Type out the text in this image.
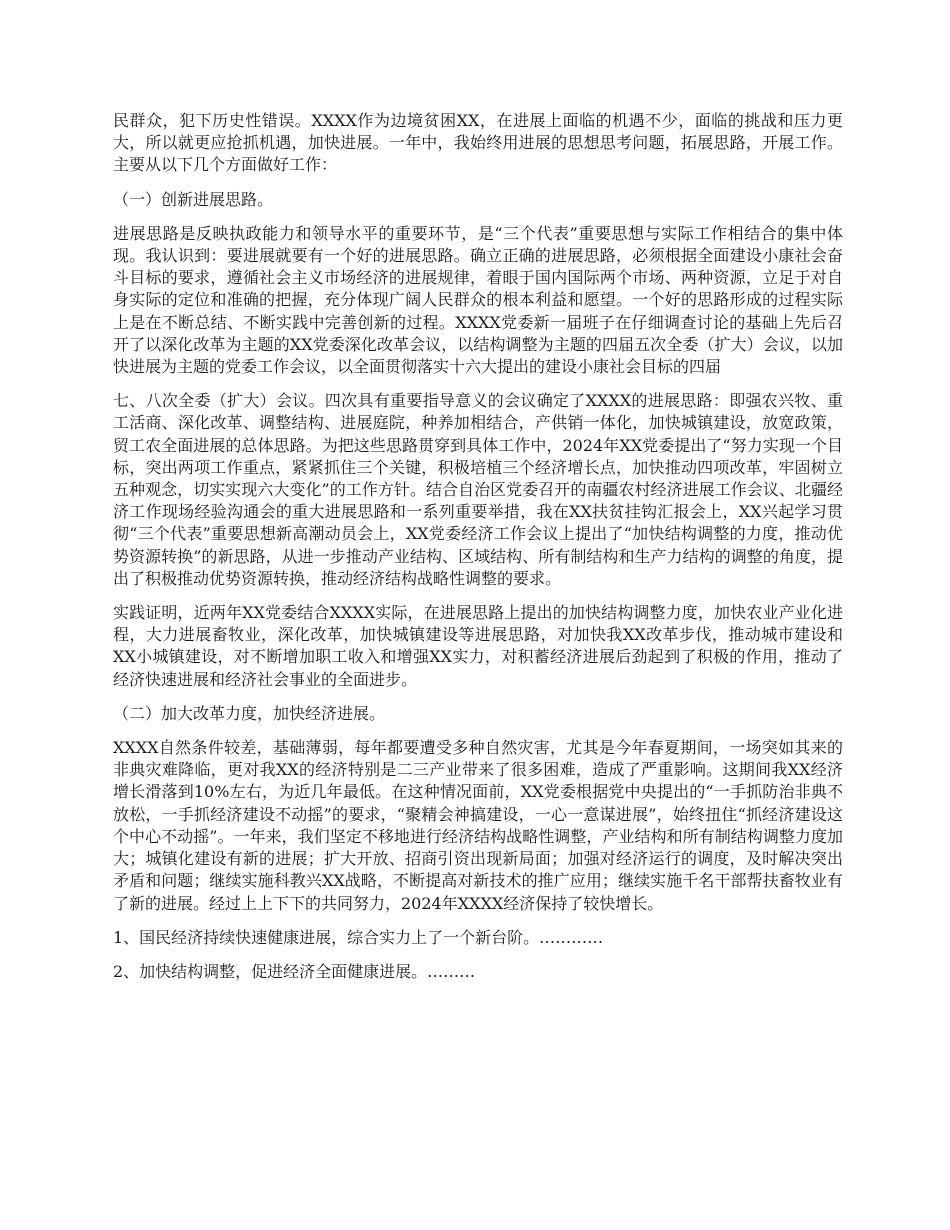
民群众，犯下历史性错误。XXXX作为边境贫困XX，在进展上面临的机遇不少，面临的挑战和压力更大，所以就更应抢抓机遇，加快进展。一年中，我始终用进展的思想思考问题，拓展思路，开展工作。主要从以下几个方面做好工作：

（一）创新进展思路。

进展思路是反映执政能力和领导水平的重要环节，是“三个代表”重要思想与实际工作相结合的集中体现。我认识到：要进展就要有一个好的进展思路。确立正确的进展思路，必须根据全面建设小康社会奋斗目标的要求，遵循社会主义市场经济的进展规律，着眼于国内国际两个市场、两种资源，立足于对自身实际的定位和准确的把握，充分体现广阔人民群众的根本利益和愿望。一个好的思路形成的过程实际上是在不断总结、不断实践中完善创新的过程。XXXX党委新一届班子在仔细调查讨论的基础上先后召开了以深化改革为主题的XX党委深化改革会议，以结构调整为主题的四届五次全委（扩大）会议，以加快进展为主题的党委工作会议，以全面贯彻落实十六大提出的建设小康社会目标的四届

七、八次全委（扩大）会议。四次具有重要指导意义的会议确定了XXXX的进展思路：即强农兴牧、重工活商、深化改革、调整结构、进展庭院，种养加相结合，产供销一体化，加快城镇建设，放宽政策，贸工农全面进展的总体思路。为把这些思路贯穿到具体工作中，2024年XX党委提出了“努力实现一个目标，突出两项工作重点，紧紧抓住三个关键，积极培植三个经济增长点，加快推动四项改革，牢固树立五种观念，切实实现六大变化”的工作方针。结合自治区党委召开的南疆农村经济进展工作会议、北疆经济工作现场经验沟通会的重大进展思路和一系列重要举措，我在XX扶贫挂钩汇报会上，XX兴起学习贯彻“三个代表”重要思想新高潮动员会上，XX党委经济工作会议上提出了“加快结构调整的力度，推动优势资源转换”的新思路，从进一步推动产业结构、区域结构、所有制结构和生产力结构的调整的角度，提出了积极推动优势资源转换，推动经济结构战略性调整的要求。

实践证明，近两年XX党委结合XXXX实际，在进展思路上提出的加快结构调整力度，加快农业产业化进程，大力进展畜牧业，深化改革，加快城镇建设等进展思路，对加快我XX改革步伐，推动城市建设和XX小城镇建设，对不断增加职工收入和增强XX实力，对积蓄经济进展后劲起到了积极的作用，推动了经济快速进展和经济社会事业的全面进步。

（二）加大改革力度，加快经济进展。

XXXX自然条件较差，基础薄弱，每年都要遭受多种自然灾害，尤其是今年春夏期间，一场突如其来的非典灾难降临，更对我XX的经济特别是二三产业带来了很多困难，造成了严重影响。这期间我XX经济增长滑落到10%左右，为近几年最低。在这种情况面前，XX党委根据党中央提出的“一手抓防治非典不放松，一手抓经济建设不动摇”的要求，“聚精会神搞建设，一心一意谋进展”，始终扭住“抓经济建设这个中心不动摇”。一年来，我们坚定不移地进行经济结构战略性调整，产业结构和所有制结构调整力度加大；城镇化建设有新的进展；扩大开放、招商引资出现新局面；加强对经济运行的调度，及时解决突出矛盾和问题；继续实施科教兴XX战略，不断提高对新技术的推广应用；继续实施千名干部帮扶畜牧业有了新的进展。经过上上下下的共同努力，2024年XXXX经济保持了较快增长。

1、国民经济持续快速健康进展，综合实力上了一个新台阶。…………

2、加快结构调整，促进经济全面健康进展。………
